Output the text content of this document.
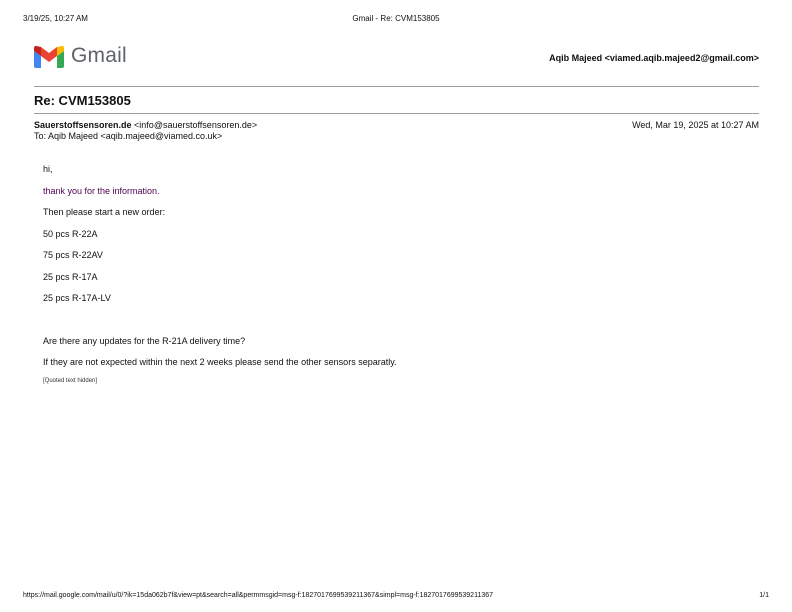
3/19/25, 10:27 AM	Gmail - Re: CVM153805
Gmail	Aqib Majeed <viamed.aqib.majeed2@gmail.com>
Re: CVM153805
Sauerstoffsensoren.de <info@sauerstoffsensoren.de>	Wed, Mar 19, 2025 at 10:27 AM
To: Aqib Majeed <aqib.majeed@viamed.co.uk>
hi,
thank you for the information.
Then please start a new order:
50 pcs R-22A
75 pcs R-22AV
25 pcs R-17A
25 pcs R-17A-LV
Are there any updates for the R-21A delivery time?
If they are not expected within the next 2 weeks please send the other sensors separatly.
[Quoted text hidden]
https://mail.google.com/mail/u/0/?ik=15da062b7f&view=pt&search=all&permmsgid=msg-f:1827017699539211367&simpl=msg-f:1827017699539211367	1/1
